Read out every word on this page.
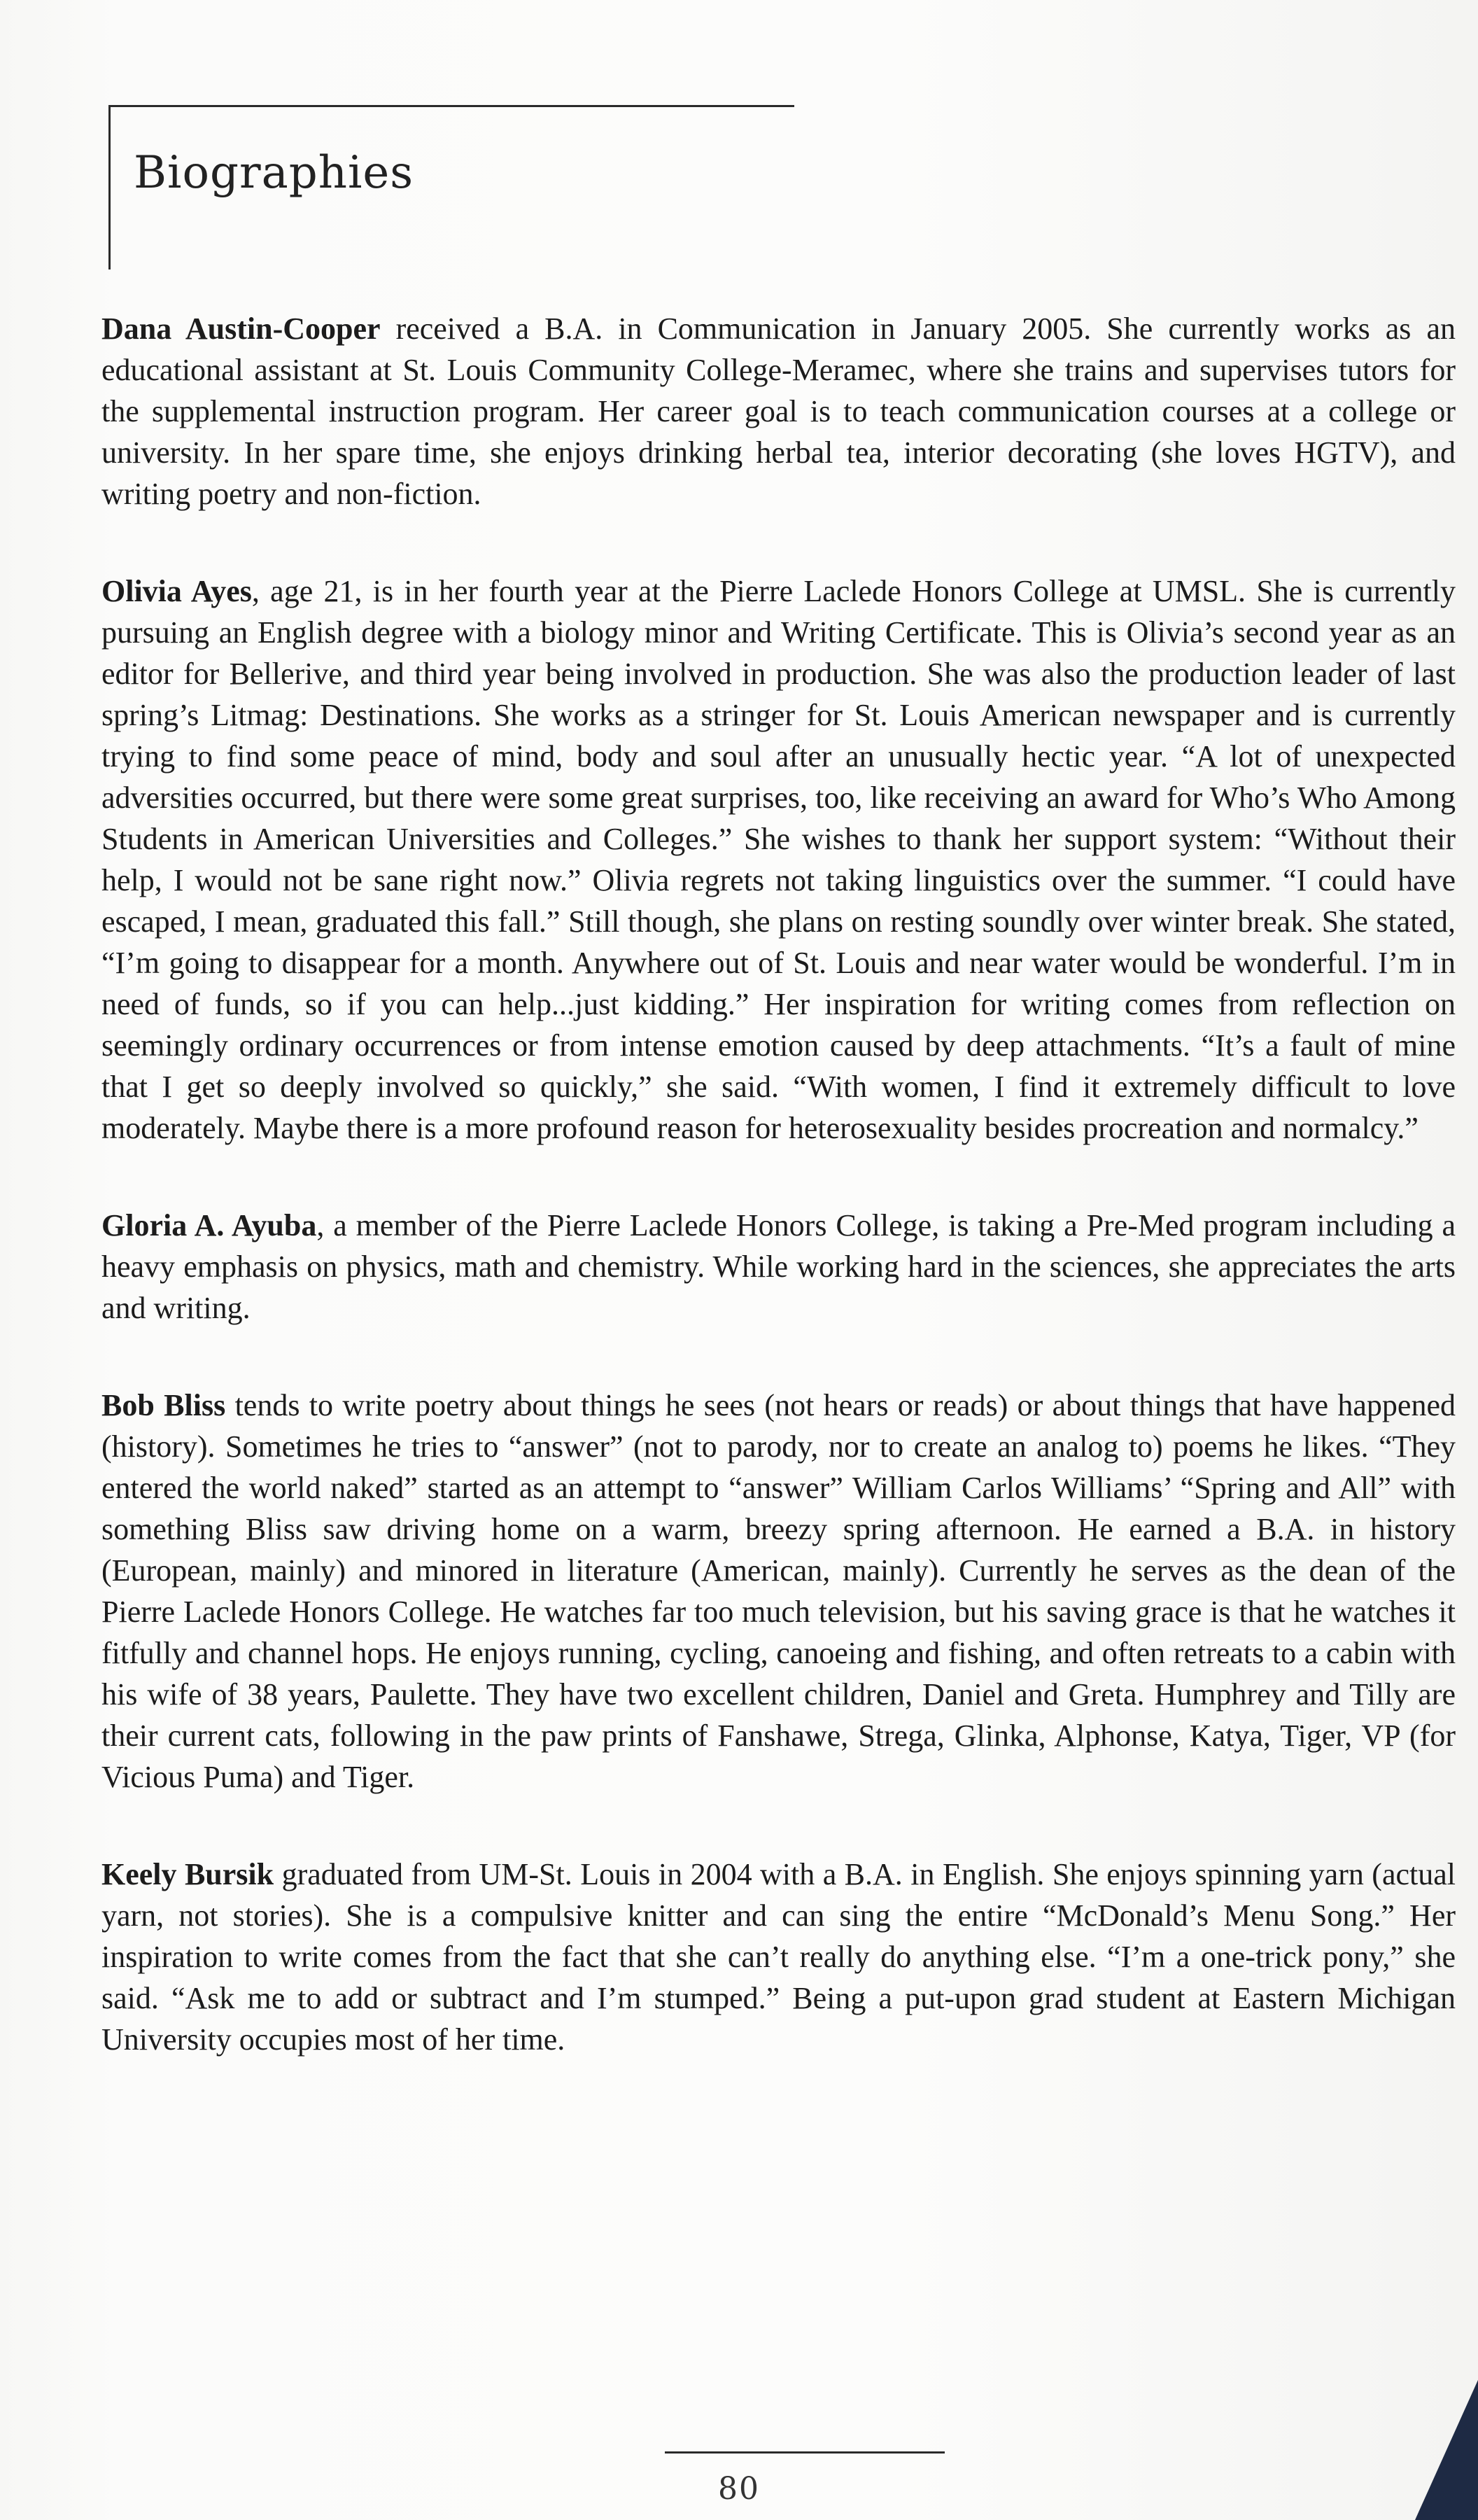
Biographies

Dana Austin-Cooper received a B.A. in Communication in January 2005. She currently works as an educational assistant at St. Louis Community College-Meramec, where she trains and supervises tutors for the supplemental instruction program. Her career goal is to teach communication courses at a college or university. In her spare time, she enjoys drinking herbal tea, interior decorating (she loves HGTV), and writing poetry and non-fiction.

Olivia Ayes, age 21, is in her fourth year at the Pierre Laclede Honors College at UMSL. She is currently pursuing an English degree with a biology minor and Writing Certificate. This is Olivia’s second year as an editor for Bellerive, and third year being involved in production. She was also the production leader of last spring’s Litmag: Destinations. She works as a stringer for St. Louis American newspaper and is currently trying to find some peace of mind, body and soul after an unusually hectic year. “A lot of unexpected adversities occurred, but there were some great surprises, too, like receiving an award for Who’s Who Among Students in American Universities and Colleges.” She wishes to thank her support system: “Without their help, I would not be sane right now.” Olivia regrets not taking linguistics over the summer. “I could have escaped, I mean, graduated this fall.” Still though, she plans on resting soundly over winter break. She stated, “I’m going to disappear for a month. Anywhere out of St. Louis and near water would be wonderful. I’m in need of funds, so if you can help...just kidding.” Her inspiration for writing comes from reflection on seemingly ordinary occurrences or from intense emotion caused by deep attachments. “It’s a fault of mine that I get so deeply involved so quickly,” she said. “With women, I find it extremely difficult to love moderately. Maybe there is a more profound reason for heterosexuality besides procreation and normalcy.”

Gloria A. Ayuba, a member of the Pierre Laclede Honors College, is taking a Pre-Med program including a heavy emphasis on physics, math and chemistry. While working hard in the sciences, she appreciates the arts and writing.

Bob Bliss tends to write poetry about things he sees (not hears or reads) or about things that have happened (history). Sometimes he tries to “answer” (not to parody, nor to create an analog to) poems he likes. “They entered the world naked” started as an attempt to “answer” William Carlos Williams’ “Spring and All” with something Bliss saw driving home on a warm, breezy spring afternoon. He earned a B.A. in history (European, mainly) and minored in literature (American, mainly). Currently he serves as the dean of the Pierre Laclede Honors College. He watches far too much television, but his saving grace is that he watches it fitfully and channel hops. He enjoys running, cycling, canoeing and fishing, and often retreats to a cabin with his wife of 38 years, Paulette. They have two excellent children, Daniel and Greta. Humphrey and Tilly are their current cats, following in the paw prints of Fanshawe, Strega, Glinka, Alphonse, Katya, Tiger, VP (for Vicious Puma) and Tiger.

Keely Bursik graduated from UM-St. Louis in 2004 with a B.A. in English. She enjoys spinning yarn (actual yarn, not stories). She is a compulsive knitter and can sing the entire “McDonald’s Menu Song.” Her inspiration to write comes from the fact that she can’t really do anything else. “I’m a one-trick pony,” she said. “Ask me to add or subtract and I’m stumped.” Being a put-upon grad student at Eastern Michigan University occupies most of her time.

80
